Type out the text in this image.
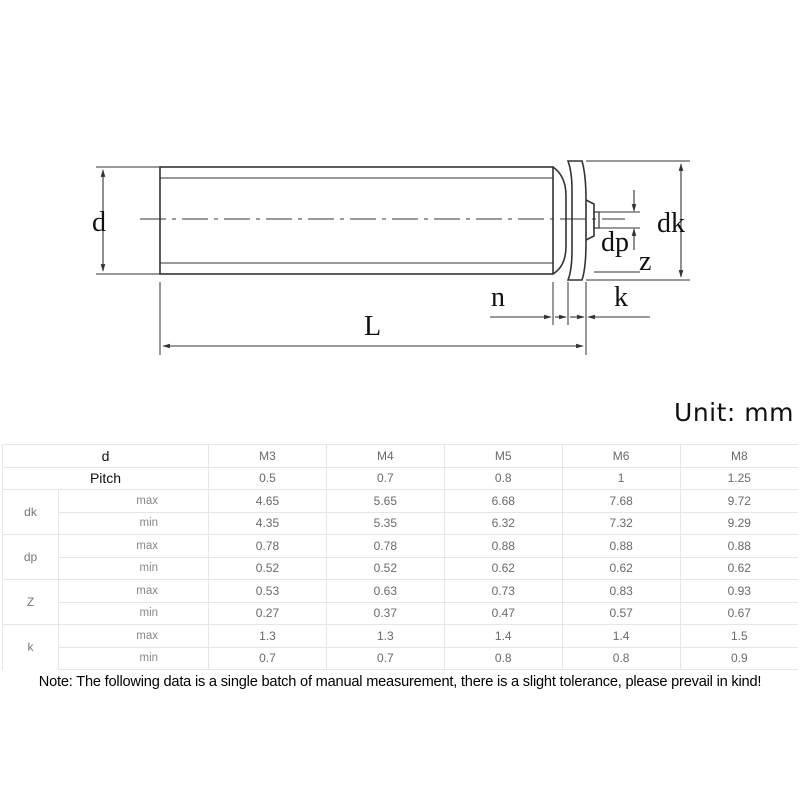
d	dk
dp
z
n	k
L
Unit: mm
d		M3	M4	M5	M6	M8
Pitch		0.5	0.7	0.8	1	1.25
dk	max	4.65	5.65	6.68	7.68	9.72
	min	4.35	5.35	6.32	7.32	9.29
dp	max	0.78	0.78	0.88	0.88	0.88
	min	0.52	0.52	0.62	0.62	0.62
Z	max	0.53	0.63	0.73	0.83	0.93
	min	0.27	0.37	0.47	0.57	0.67
k	max	1.3	1.3	1.4	1.4	1.5
	min	0.7	0.7	0.8	0.8	0.9
Note: The following data is a single batch of manual measurement, there is a slight tolerance, please prevail in kind!
